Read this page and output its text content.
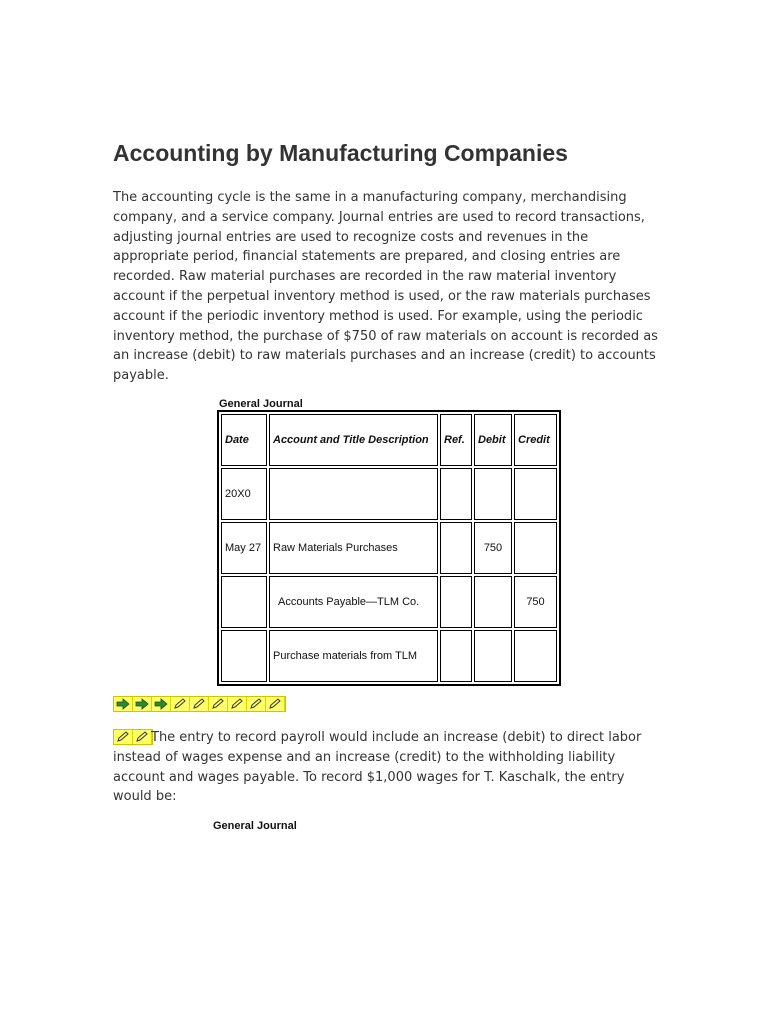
Accounting by Manufacturing Companies

The accounting cycle is the same in a manufacturing company, merchandising company, and a service company. Journal entries are used to record transactions, adjusting journal entries are used to recognize costs and revenues in the appropriate period, financial statements are prepared, and closing entries are recorded. Raw material purchases are recorded in the raw material inventory account if the perpetual inventory method is used, or the raw materials purchases account if the periodic inventory method is used. For example, using the periodic inventory method, the purchase of $750 of raw materials on account is recorded as an increase (debit) to raw materials purchases and an increase (credit) to accounts payable.

General Journal

Date	Account and Title Description	Ref.	Debit	Credit
20X0				
May 27	Raw Materials Purchases		750	
	Accounts Payable—TLM Co.			750
	Purchase materials from TLM			

The entry to record payroll would include an increase (debit) to direct labor instead of wages expense and an increase (credit) to the withholding liability account and wages payable. To record $1,000 wages for T. Kaschalk, the entry would be:

General Journal
